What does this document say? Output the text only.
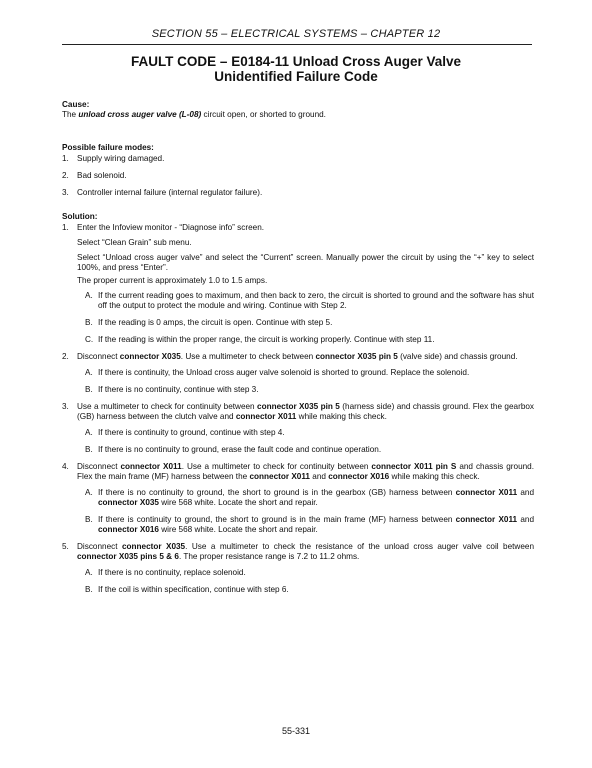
SECTION 55 – ELECTRICAL SYSTEMS – CHAPTER 12
FAULT CODE – E0184-11 Unload Cross Auger Valve
Unidentified Failure Code

Cause:

The unload cross auger valve (L-08) circuit open, or shorted to ground.

Possible failure modes:

1. Supply wiring damaged.
2. Bad solenoid.
3. Controller internal failure (internal regulator failure).

Solution:

1. Enter the Infoview monitor - “Diagnose info” screen.
Select “Clean Grain” sub menu.
Select “Unload cross auger valve” and select the “Current” screen. Manually power the circuit by using the “+” key to select 100%, and press “Enter”.
The proper current is approximately 1.0 to 1.5 amps.
A. If the current reading goes to maximum, and then back to zero, the circuit is shorted to ground and the software has shut off the output to protect the module and wiring. Continue with Step 2.
B. If the reading is 0 amps, the circuit is open. Continue with step 5.
C. If the reading is within the proper range, the circuit is working properly. Continue with step 11.
2. Disconnect connector X035. Use a multimeter to check between connector X035 pin 5 (valve side) and chassis ground.
A. If there is continuity, the Unload cross auger valve solenoid is shorted to ground. Replace the solenoid.
B. If there is no continuity, continue with step 3.
3. Use a multimeter to check for continuity between connector X035 pin 5 (harness side) and chassis ground. Flex the gearbox (GB) harness between the clutch valve and connector X011 while making this check.
A. If there is continuity to ground, continue with step 4.
B. If there is no continuity to ground, erase the fault code and continue operation.
4. Disconnect connector X011. Use a multimeter to check for continuity between connector X011 pin S and chassis ground. Flex the main frame (MF) harness between the connector X011 and connector X016 while making this check.
A. If there is no continuity to ground, the short to ground is in the gearbox (GB) harness between connector X011 and connector X035 wire 568 white. Locate the short and repair.
B. If there is continuity to ground, the short to ground is in the main frame (MF) harness between connector X011 and connector X016 wire 568 white. Locate the short and repair.
5. Disconnect connector X035. Use a multimeter to check the resistance of the unload cross auger valve coil between connector X035 pins 5 & 6. The proper resistance range is 7.2 to 11.2 ohms.
A. If there is no continuity, replace solenoid.
B. If the coil is within specification, continue with step 6.
55-331
